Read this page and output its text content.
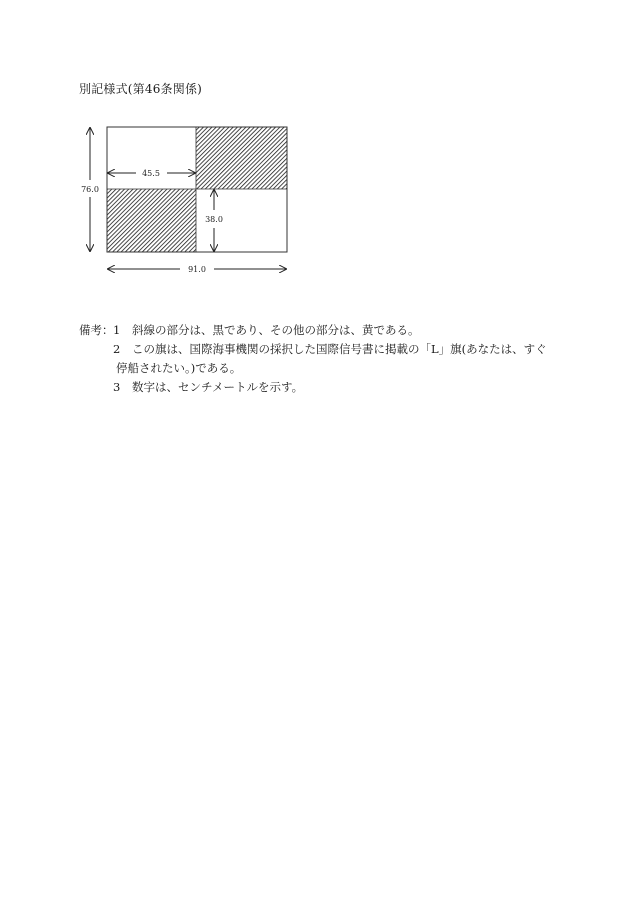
別記様式(第46条関係)
76.0
45.5
38.0
91.0
備考： 1 斜線の部分は、黒であり、その他の部分は、黄である。
2 この旗は、国際海事機関の採択した国際信号書に掲載の「L」旗(あなたは、すぐ
停船されたい。)である。
3 数字は、センチメートルを示す。
